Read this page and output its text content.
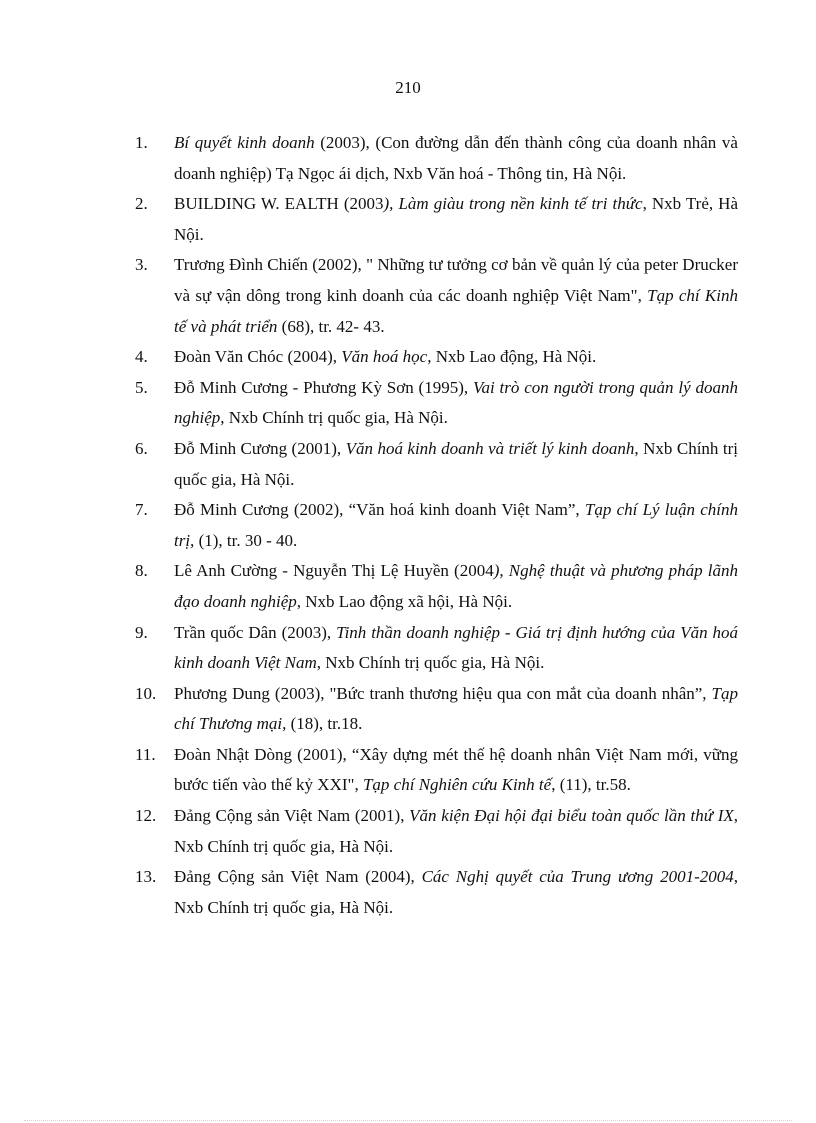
210
1. Bí quyết kinh doanh (2003), (Con đường dẫn đến thành công của doanh nhân và doanh nghiệp) Tạ Ngọc ái dịch, Nxb Văn hoá - Thông tin, Hà Nội.
2. BUILDING W. EALTH (2003), Làm giàu trong nền kinh tế tri thức, Nxb Trẻ, Hà Nội.
3. Trương Đình Chiến (2002), " Những tư tưởng cơ bản về quản lý của peter Drucker và sự vận dông trong kinh doanh của các doanh nghiệp Việt Nam", Tạp chí Kinh tế và phát triển (68), tr. 42- 43.
4. Đoàn Văn Chóc (2004), Văn hoá học, Nxb Lao động, Hà Nội.
5. Đỗ Minh Cương - Phương Kỳ Sơn (1995), Vai trò con người trong quản lý doanh nghiệp, Nxb Chính trị quốc gia, Hà Nội.
6. Đỗ Minh Cương (2001), Văn hoá kinh doanh và triết lý kinh doanh, Nxb Chính trị quốc gia, Hà Nội.
7. Đỗ Minh Cương (2002), “Văn hoá kinh doanh Việt Nam”, Tạp chí Lý luận chính trị, (1), tr. 30 - 40.
8. Lê Anh Cường - Nguyễn Thị Lệ Huyền (2004), Nghệ thuật và phương pháp lãnh đạo doanh nghiệp, Nxb Lao động xã hội, Hà Nội.
9. Trần quốc Dân (2003), Tinh thần doanh nghiệp - Giá trị định hướng của Văn hoá kinh doanh Việt Nam, Nxb Chính trị quốc gia, Hà Nội.
10. Phương Dung (2003), "Bức tranh thương hiệu qua con mắt của doanh nhân”, Tạp chí Thương mại, (18), tr.18.
11. Đoàn Nhật Dòng (2001), “Xây dựng mét thế hệ doanh nhân Việt Nam mới, vững bước tiến vào thế kỷ XXI", Tạp chí Nghiên cứu Kinh tế, (11), tr.58.
12. Đảng Cộng sản Việt Nam (2001), Văn kiện Đại hội đại biểu toàn quốc lần thứ IX, Nxb Chính trị quốc gia, Hà Nội.
13. Đảng Cộng sản Việt Nam (2004), Các Nghị quyết của Trung ương 2001-2004, Nxb Chính trị quốc gia, Hà Nội.
